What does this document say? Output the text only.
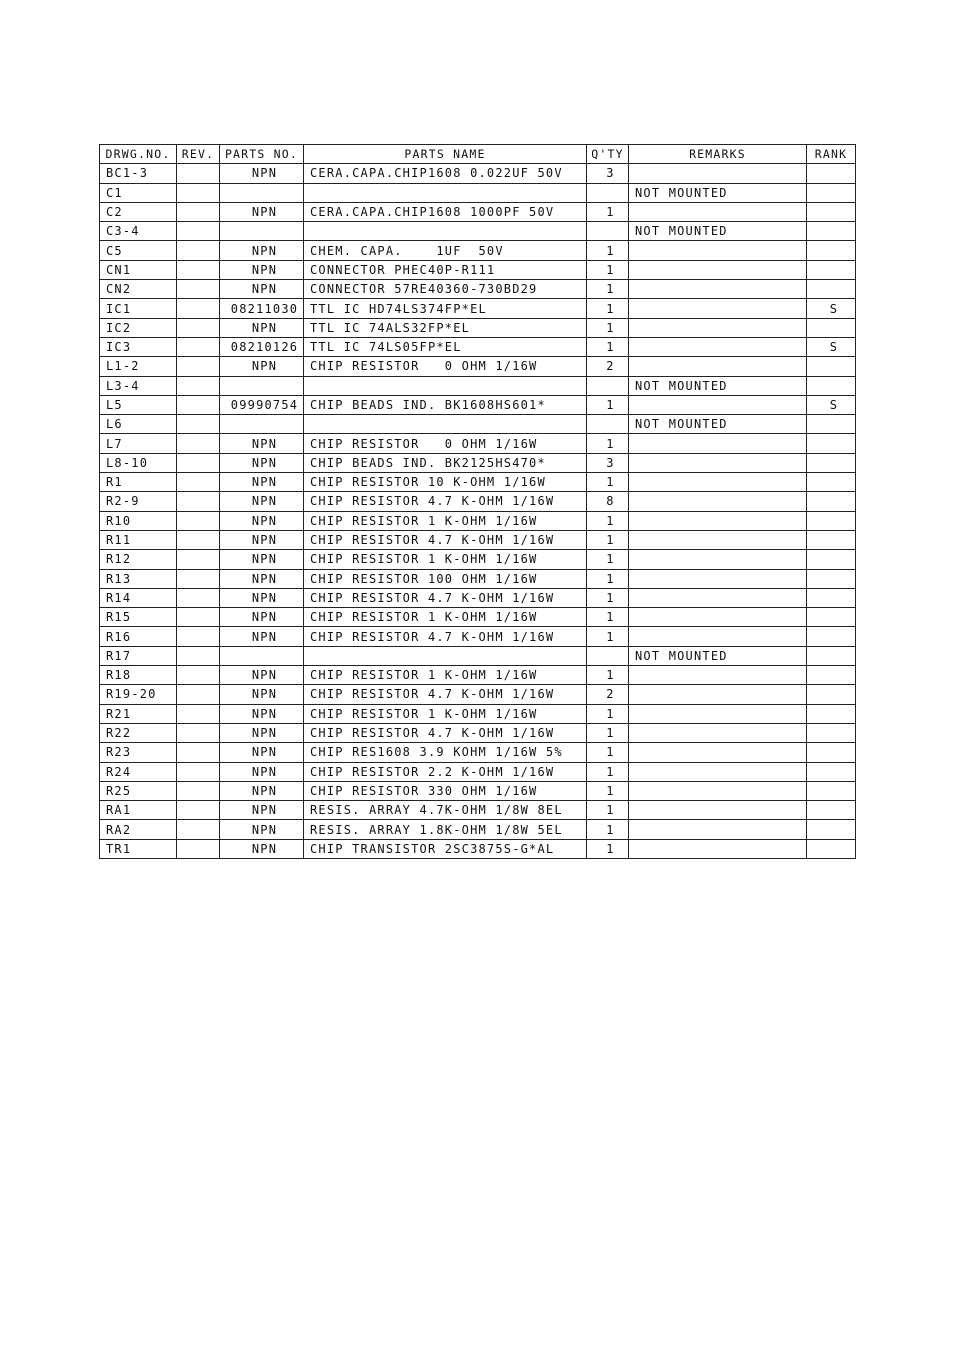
DRWG.NO.	REV.	PARTS NO.	PARTS NAME	Q'TY	REMARKS	RANK
BC1-3		NPN	CERA.CAPA.CHIP1608 0.022UF 50V	3		
C1					NOT MOUNTED	
C2		NPN	CERA.CAPA.CHIP1608 1000PF 50V	1		
C3-4					NOT MOUNTED	
C5		NPN	CHEM. CAPA.    1UF  50V	1		
CN1		NPN	CONNECTOR PHEC40P-R111	1		
CN2		NPN	CONNECTOR 57RE40360-730BD29	1		
IC1		08211030	TTL IC HD74LS374FP*EL	1		S
IC2		NPN	TTL IC 74ALS32FP*EL	1		
IC3		08210126	TTL IC 74LS05FP*EL	1		S
L1-2		NPN	CHIP RESISTOR   0 OHM 1/16W	2		
L3-4					NOT MOUNTED	
L5		09990754	CHIP BEADS IND. BK1608HS601*	1		S
L6					NOT MOUNTED	
L7		NPN	CHIP RESISTOR   0 OHM 1/16W	1		
L8-10		NPN	CHIP BEADS IND. BK2125HS470*	3		
R1		NPN	CHIP RESISTOR 10 K-OHM 1/16W	1		
R2-9		NPN	CHIP RESISTOR 4.7 K-OHM 1/16W	8		
R10		NPN	CHIP RESISTOR 1 K-OHM 1/16W	1		
R11		NPN	CHIP RESISTOR 4.7 K-OHM 1/16W	1		
R12		NPN	CHIP RESISTOR 1 K-OHM 1/16W	1		
R13		NPN	CHIP RESISTOR 100 OHM 1/16W	1		
R14		NPN	CHIP RESISTOR 4.7 K-OHM 1/16W	1		
R15		NPN	CHIP RESISTOR 1 K-OHM 1/16W	1		
R16		NPN	CHIP RESISTOR 4.7 K-OHM 1/16W	1		
R17					NOT MOUNTED	
R18		NPN	CHIP RESISTOR 1 K-OHM 1/16W	1		
R19-20		NPN	CHIP RESISTOR 4.7 K-OHM 1/16W	2		
R21		NPN	CHIP RESISTOR 1 K-OHM 1/16W	1		
R22		NPN	CHIP RESISTOR 4.7 K-OHM 1/16W	1		
R23		NPN	CHIP RES1608 3.9 KOHM 1/16W 5%	1		
R24		NPN	CHIP RESISTOR 2.2 K-OHM 1/16W	1		
R25		NPN	CHIP RESISTOR 330 OHM 1/16W	1		
RA1		NPN	RESIS. ARRAY 4.7K-OHM 1/8W 8EL	1		
RA2		NPN	RESIS. ARRAY 1.8K-OHM 1/8W 5EL	1		
TR1		NPN	CHIP TRANSISTOR 2SC3875S-G*AL	1		
